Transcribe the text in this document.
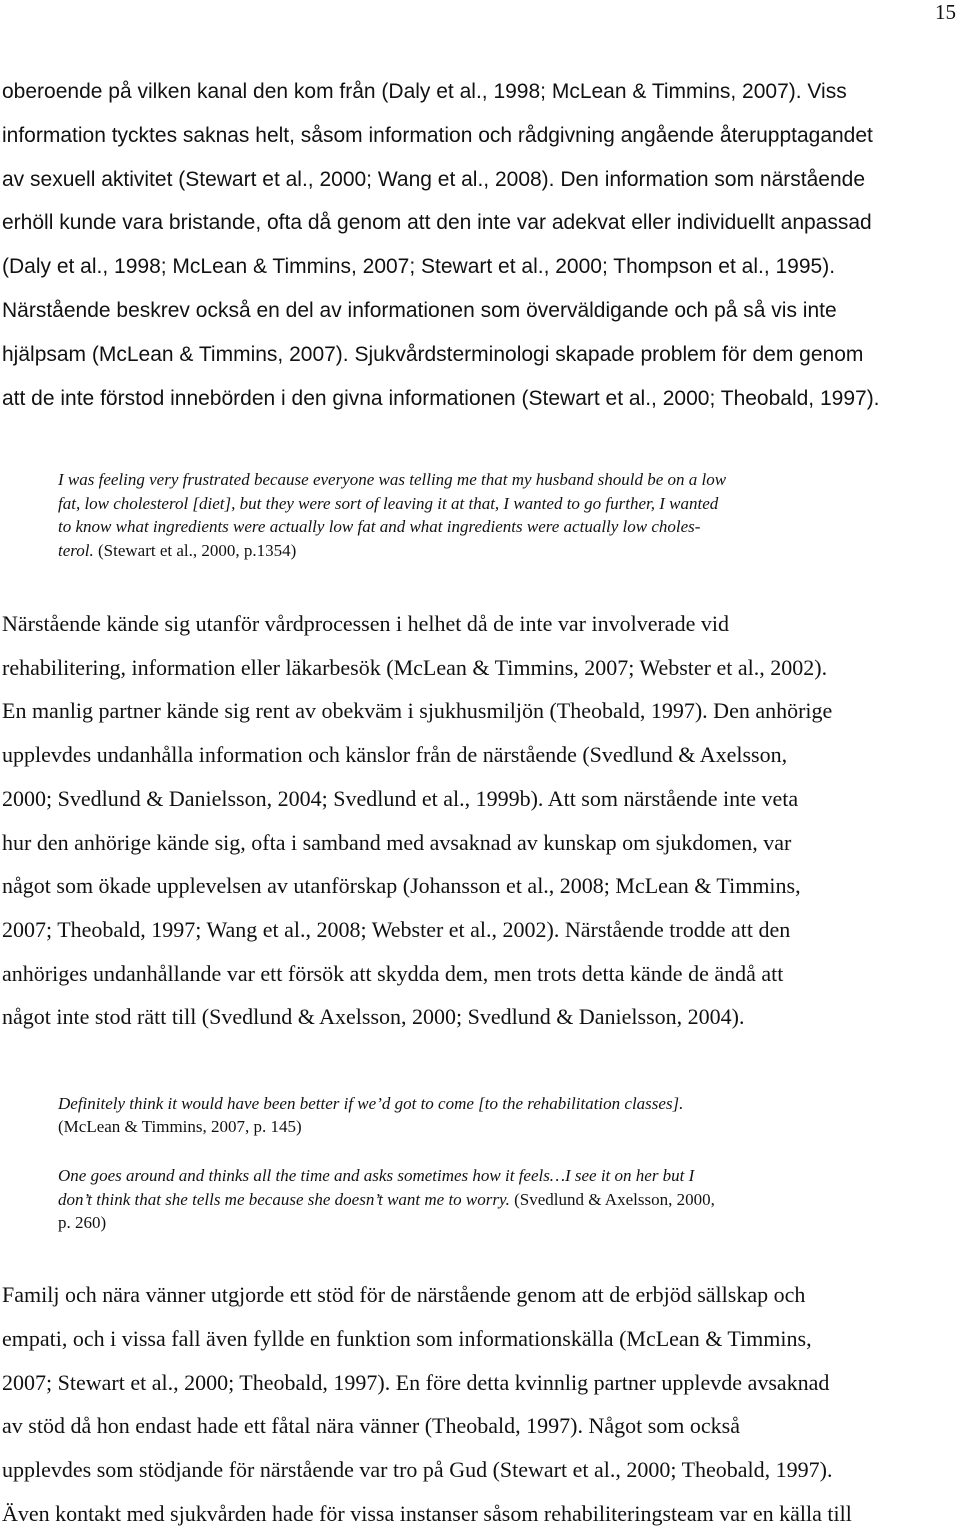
15
oberoende på vilken kanal den kom från (Daly et al., 1998; McLean & Timmins, 2007). Viss
information tycktes saknas helt, såsom information och rådgivning angående återupptagandet
av sexuell aktivitet (Stewart et al., 2000; Wang et al., 2008). Den information som närstående
erhöll kunde vara bristande, ofta då genom att den inte var adekvat eller individuellt anpassad
(Daly et al., 1998; McLean & Timmins, 2007; Stewart et al., 2000; Thompson et al., 1995).
Närstående beskrev också en del av informationen som överväldigande och på så vis inte
hjälpsam (McLean & Timmins, 2007). Sjukvårdsterminologi skapade problem för dem genom
att de inte förstod innebörden i den givna informationen (Stewart et al., 2000; Theobald, 1997).
I was feeling very frustrated because everyone was telling me that my husband should be on a low
fat, low cholesterol [diet], but they were sort of leaving it at that, I wanted to go further, I wanted
to know what ingredients were actually low fat and what ingredients were actually low choles-
terol. (Stewart et al., 2000, p.1354)
Närstående kände sig utanför vårdprocessen i helhet då de inte var involverade vid
rehabilitering, information eller läkarbesök (McLean & Timmins, 2007; Webster et al., 2002).
En manlig partner kände sig rent av obekväm i sjukhusmiljön (Theobald, 1997). Den anhörige
upplevdes undanhålla information och känslor från de närstående (Svedlund & Axelsson,
2000; Svedlund & Danielsson, 2004; Svedlund et al., 1999b). Att som närstående inte veta
hur den anhörige kände sig, ofta i samband med avsaknad av kunskap om sjukdomen, var
något som ökade upplevelsen av utanförskap (Johansson et al., 2008; McLean & Timmins,
2007; Theobald, 1997; Wang et al., 2008; Webster et al., 2002). Närstående trodde att den
anhöriges undanhållande var ett försök att skydda dem, men trots detta kände de ändå att
något inte stod rätt till (Svedlund & Axelsson, 2000; Svedlund & Danielsson, 2004).
Definitely think it would have been better if we’d got to come [to the rehabilitation classes].
(McLean & Timmins, 2007, p. 145)
One goes around and thinks all the time and asks sometimes how it feels…I see it on her but I
don’t think that she tells me because she doesn’t want me to worry. (Svedlund & Axelsson, 2000,
p. 260)
Familj och nära vänner utgjorde ett stöd för de närstående genom att de erbjöd sällskap och
empati, och i vissa fall även fyllde en funktion som informationskälla (McLean & Timmins,
2007; Stewart et al., 2000; Theobald, 1997). En före detta kvinnlig partner upplevde avsaknad
av stöd då hon endast hade ett fåtal nära vänner (Theobald, 1997). Något som också
upplevdes som stödjande för närstående var tro på Gud (Stewart et al., 2000; Theobald, 1997).
Även kontakt med sjukvården hade för vissa instanser såsom rehabiliteringsteam var en källa till
